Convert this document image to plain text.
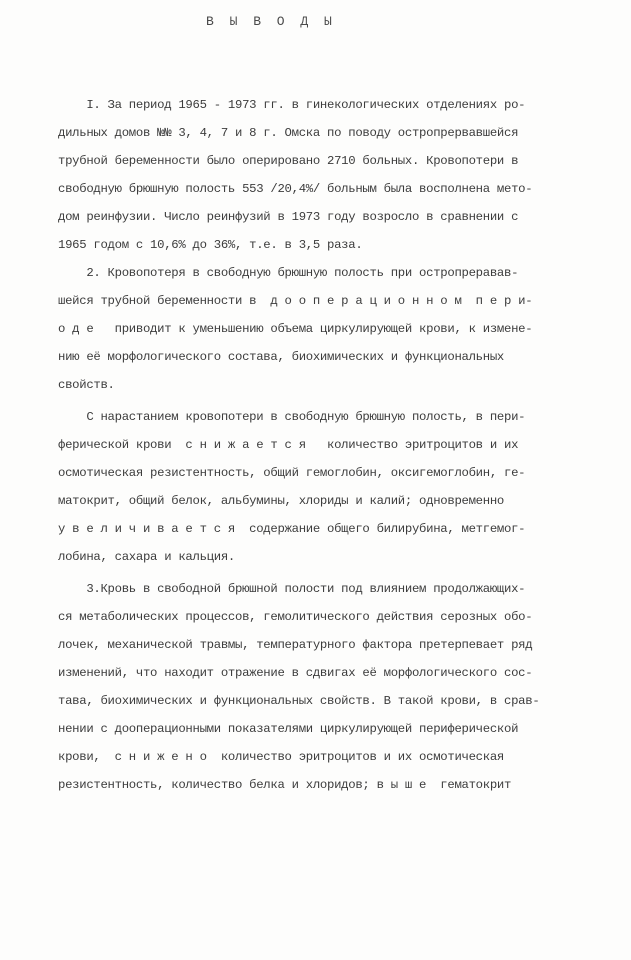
В Ы В О Д Ы
I. За период 1965 - 1973 гг. в гинекологических отделениях ро-
дильных домов №№ 3, 4, 7 и 8 г. Омска по поводу остропрервавшейся
трубной беременности было оперировано 2710 больных. Кровопотери в
свободную брюшную полость 553 /20,4%/ больным была восполнена мето-
дом реинфузии. Число реинфузий в 1973 году возросло в сравнении с
1965 годом с 10,6% до 36%, т.е. в 3,5 раза.
2. Кровопотеря в свободную брюшную полость при остропреравав-
шейся трубной беременности в  д о о п е р а ц и о н н о м  п е р и-
о д е   приводит к уменьшению объема циркулирующей крови, к измене-
нию её морфологического состава, биохимических и функциональных
свойств.
С нарастанием кровопотери в свободную брюшную полость, в пери-
ферической крови  с н и ж а е т с я   количество эритроцитов и их
осмотическая резистентность, общий гемоглобин, оксигемоглобин, ге-
матокрит, общий белок, альбумины, хлориды и калий; одновременно
у в е л и ч и в а е т с я  содержание общего билирубина, метгемог-
лобина, сахара и кальция.
3.Кровь в свободной брюшной полости под влиянием продолжающих-
ся метаболических процессов, гемолитического действия серозных обо-
лочек, механической травмы, температурного фактора претерпевает ряд
изменений, что находит отражение в сдвигах её морфологического сос-
тава, биохимических и функциональных свойств. В такой крови, в срав-
нении с дооперационными показателями циркулирующей периферической
крови,  с н и ж е н о  количество эритроцитов и их осмотическая
резистентность, количество белка и хлоридов; в ы ш е  гематокрит
